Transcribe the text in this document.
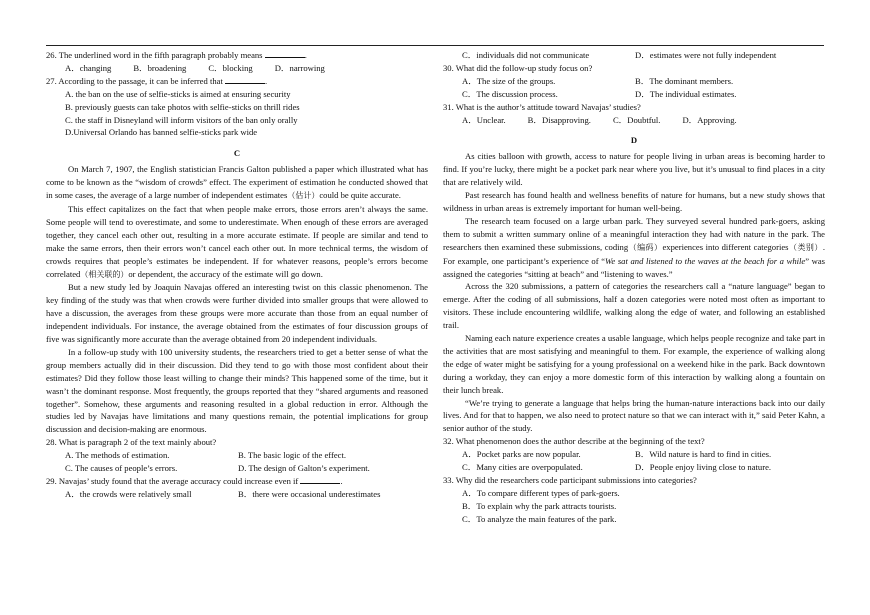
26. The underlined word in the fifth paragraph probably means	.
A．changing	B．broadening	C．blocking	D．narrowing
27. According to the passage, it can be inferred that	.
A. the ban on the use of selfie-sticks is aimed at ensuring security
B. previously guests can take photos with selfie-sticks on thrill rides
C. the staff in Disneyland will inform visitors of the ban only orally
D.Universal Orlando has banned selfie-sticks park wide
C

On March 7, 1907, the English statistician Francis Galton published a paper which illustrated what has come to be known as the “wisdom of crowds” effect. The experiment of estimation he conducted showed that in some cases, the average of a large number of independent estimates（估计）could be quite accurate.

This effect capitalizes on the fact that when people make errors, those errors aren’t always the same. Some people will tend to overestimate, and some to underestimate. When enough of these errors are averaged together, they cancel each other out, resulting in a more accurate estimate. If people are similar and tend to make the same errors, then their errors won’t cancel each other out. In more technical terms, the wisdom of crowds requires that people’s estimates be independent. If for whatever reasons, people’s errors become correlated（相关联的）or dependent, the accuracy of the estimate will go down.

But a new study led by Joaquin Navajas offered an interesting twist on this classic phenomenon. The key finding of the study was that when crowds were further divided into smaller groups that were allowed to have a discussion, the averages from these groups were more accurate than those from an equal number of independent individuals. For instance, the average obtained from the estimates of four discussion groups of five was significantly more accurate than the average obtained from 20 independent individuals.

In a follow-up study with 100 university students, the researchers tried to get a better sense of what the group members actually did in their discussion. Did they tend to go with those most confident about their estimates? Did they follow those least willing to change their minds? This happened some of the time, but it wasn’t the dominant response. Most frequently, the groups reported that they “shared arguments and reasoned together”. Somehow, these arguments and reasoning resulted in a global reduction in error. Although the studies led by Navajas have limitations and many questions remain, the potential implications for group discussion and decision-making are enormous.

28. What is paragraph 2 of the text mainly about?
A. The methods of estimation.	B. The basic logic of the effect.
C. The causes of people’s errors.	D. The design of Galton’s experiment.
29. Navajas’ study found that the average accuracy could increase even if	.
A．the crowds were relatively small	B．there were occasional underestimates
C．individuals did not communicate	D．estimates were not fully independent
30. What did the follow-up study focus on?
A．The size of the groups.	B．The dominant members.
C．The discussion process.	D．The individual estimates.
31. What is the author’s attitude toward Navajas’ studies?
A．Unclear.	B．Disapproving.	C．Doubtful.	D．Approving.
D

As cities balloon with growth, access to nature for people living in urban areas is becoming harder to find. If you’re lucky, there might be a pocket park near where you live, but it’s unusual to find places in a city that are relatively wild.

Past research has found health and wellness benefits of nature for humans, but a new study shows that wildness in urban areas is extremely important for human well-being.

The research team focused on a large urban park. They surveyed several hundred park-goers, asking them to submit a written summary online of a meaningful interaction they had with nature in the park. The researchers then examined these submissions, coding（编码）experiences into different categories（类别）. For example, one participant’s experience of “We sat and listened to the waves at the beach for a while” was assigned the categories “sitting at beach” and “listening to waves.”

Across the 320 submissions, a pattern of categories the researchers call a “nature language” began to emerge. After the coding of all submissions, half a dozen categories were noted most often as important to visitors. These include encountering wildlife, walking along the edge of water, and following an established trail.

Naming each nature experience creates a usable language, which helps people recognize and take part in the activities that are most satisfying and meaningful to them. For example, the experience of walking along the edge of water might be satisfying for a young professional on a weekend hike in the park. Back downtown during a workday, they can enjoy a more domestic form of this interaction by walking along a fountain on their lunch break.

“We’re trying to generate a language that helps bring the human-nature interactions back into our daily lives. And for that to happen, we also need to protect nature so that we can interact with it,” said Peter Kahn, a senior author of the study.

32. What phenomenon does the author describe at the beginning of the text?
A．Pocket parks are now popular.	B．Wild nature is hard to find in cities.
C．Many cities are overpopulated.	D．People enjoy living close to nature.
33. Why did the researchers code participant submissions into categories?
A．To compare different types of park-goers.
B．To explain why the park attracts tourists.
C．To analyze the main features of the park.
